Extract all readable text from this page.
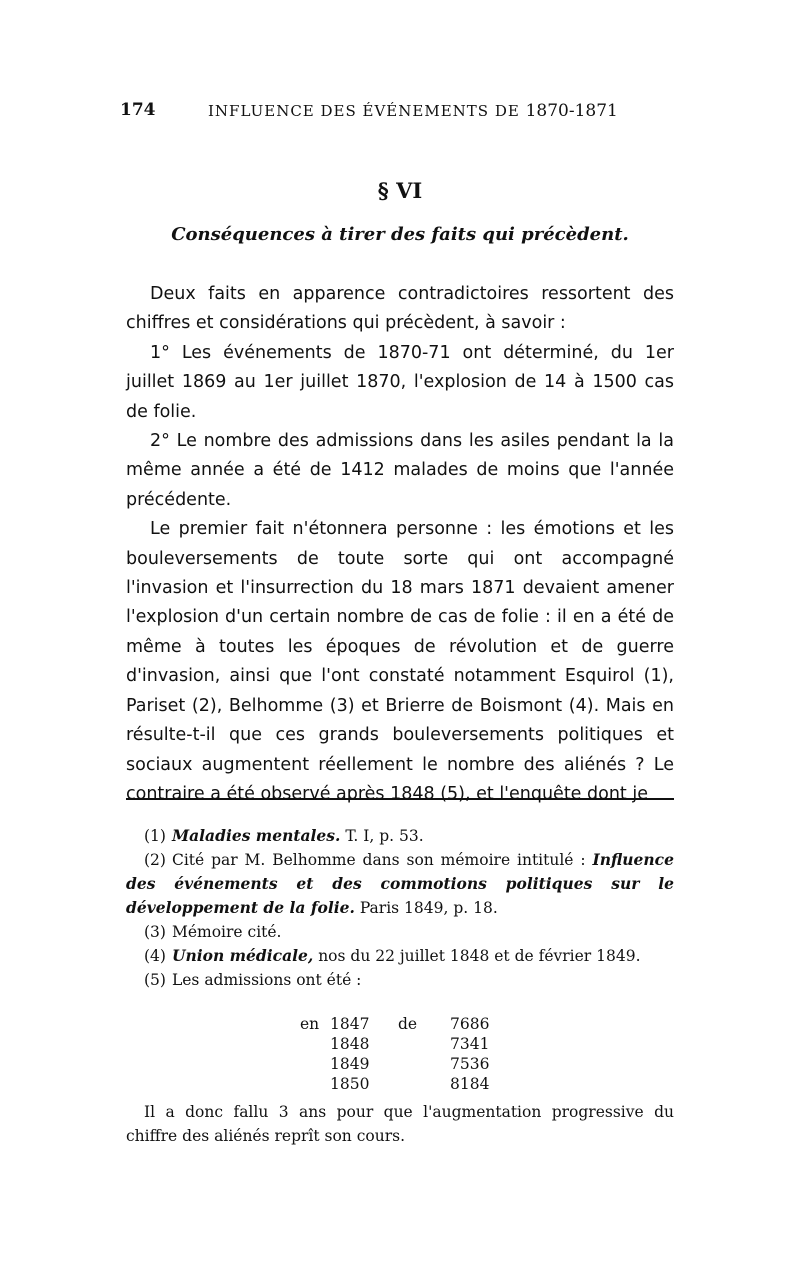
174	INFLUENCE DES ÉVÉNEMENTS DE 1870-1871
§ VI
Conséquences à tirer des faits qui précèdent.

Deux faits en apparence contradictoires ressortent des chiffres et considérations qui précèdent, à savoir :

1° Les événements de 1870-71 ont déterminé, du 1er juillet 1869 au 1er juillet 1870, l'explosion de 14 à 1500 cas de folie.

2° Le nombre des admissions dans les asiles pendant la la même année a été de 1412 malades de moins que l'année précédente.

Le premier fait n'étonnera personne : les émotions et les bouleversements de toute sorte qui ont accompagné l'invasion et l'insurrection du 18 mars 1871 devaient amener l'explosion d'un certain nombre de cas de folie : il en a été de même à toutes les époques de révolution et de guerre d'invasion, ainsi que l'ont constaté notamment Esquirol (1), Pariset (2), Belhomme (3) et Brierre de Boismont (4). Mais en résulte-t-il que ces grands bouleversements politiques et sociaux augmentent réellement le nombre des aliénés ? Le contraire a été observé après 1848 (5), et l'enquête dont je

(1) Maladies mentales. T. I, p. 53.

(2) Cité par M. Belhomme dans son mémoire intitulé : Influence des événements et des commotions politiques sur le développement de la folie. Paris 1849, p. 18.

(3) Mémoire cité.

(4) Union médicale, nos du 22 juillet 1848 et de février 1849.

(5) Les admissions ont été :

en 1847 de 7686
1848	7341
1849	7536
1850	8184

Il a donc fallu 3 ans pour que l'augmentation progressive du chiffre des aliénés reprît son cours.
